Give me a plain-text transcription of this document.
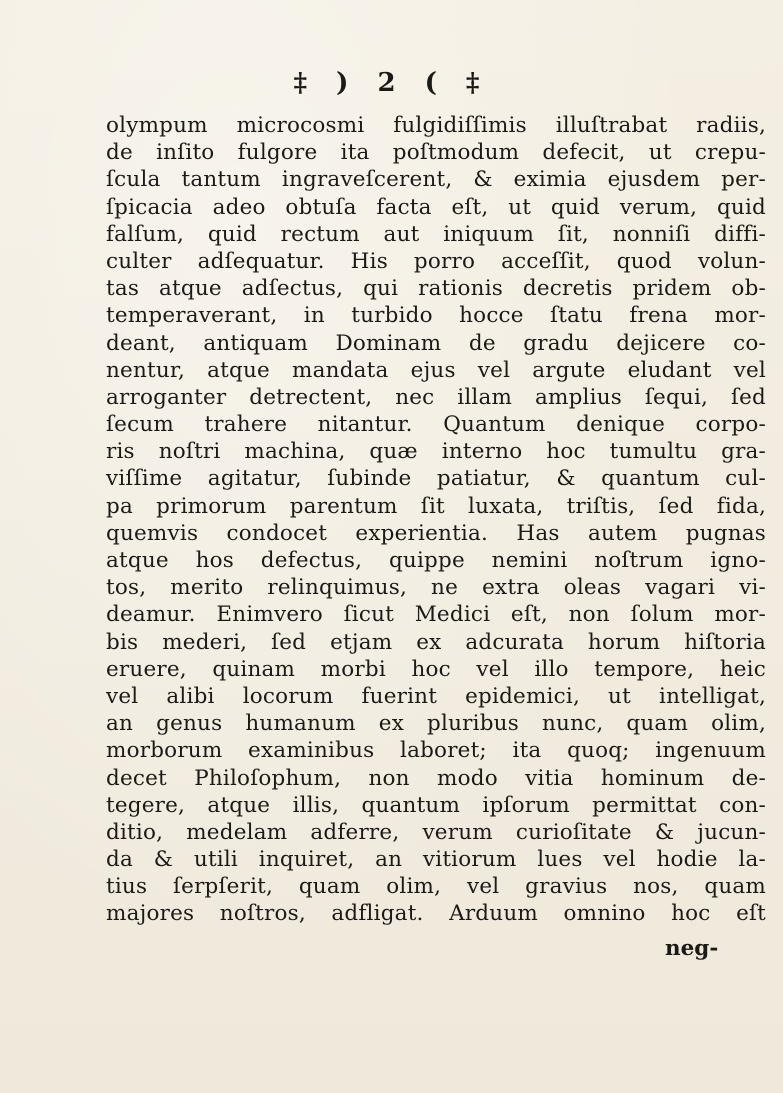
‡ ) 2 ( ‡
olympum microcosmi fulgidiſſimis illuſtrabat radiis,
de inſito fulgore ita poſtmodum defecit, ut crepu-
ſcula tantum ingraveſcerent, & eximia ejusdem per-
ſpicacia adeo obtuſa facta eſt, ut quid verum, quid
falſum, quid rectum aut iniquum ſit, nonniſi diffi-
culter adſequatur. His porro acceſſit, quod volun-
tas atque adſectus, qui rationis decretis pridem ob-
temperaverant, in turbido hocce ſtatu frena mor-
deant, antiquam Dominam de gradu dejicere co-
nentur, atque mandata ejus vel argute eludant vel
arroganter detrectent, nec illam amplius ſequi, ſed
ſecum trahere nitantur. Quantum denique corpo-
ris noſtri machina, quæ interno hoc tumultu gra-
viſſime agitatur, ſubinde patiatur, & quantum cul-
pa primorum parentum ſit luxata, triſtis, ſed fida,
quemvis condocet experientia. Has autem pugnas
atque hos defectus, quippe nemini noſtrum igno-
tos, merito relinquimus, ne extra oleas vagari vi-
deamur. Enimvero ſicut Medici eſt, non ſolum mor-
bis mederi, ſed etjam ex adcurata horum hiſtoria
eruere, quinam morbi hoc vel illo tempore, heic
vel alibi locorum fuerint epidemici, ut intelligat,
an genus humanum ex pluribus nunc, quam olim,
morborum examinibus laboret; ita quoq; ingenuum
decet Philoſophum, non modo vitia hominum de-
tegere, atque illis, quantum ipſorum permittat con-
ditio, medelam adferre, verum curioſitate & jucun-
da & utili inquiret, an vitiorum lues vel hodie la-
tius ſerpſerit, quam olim, vel gravius nos, quam
majores noſtros, adfligat. Arduum omnino hoc eſt
neg-
